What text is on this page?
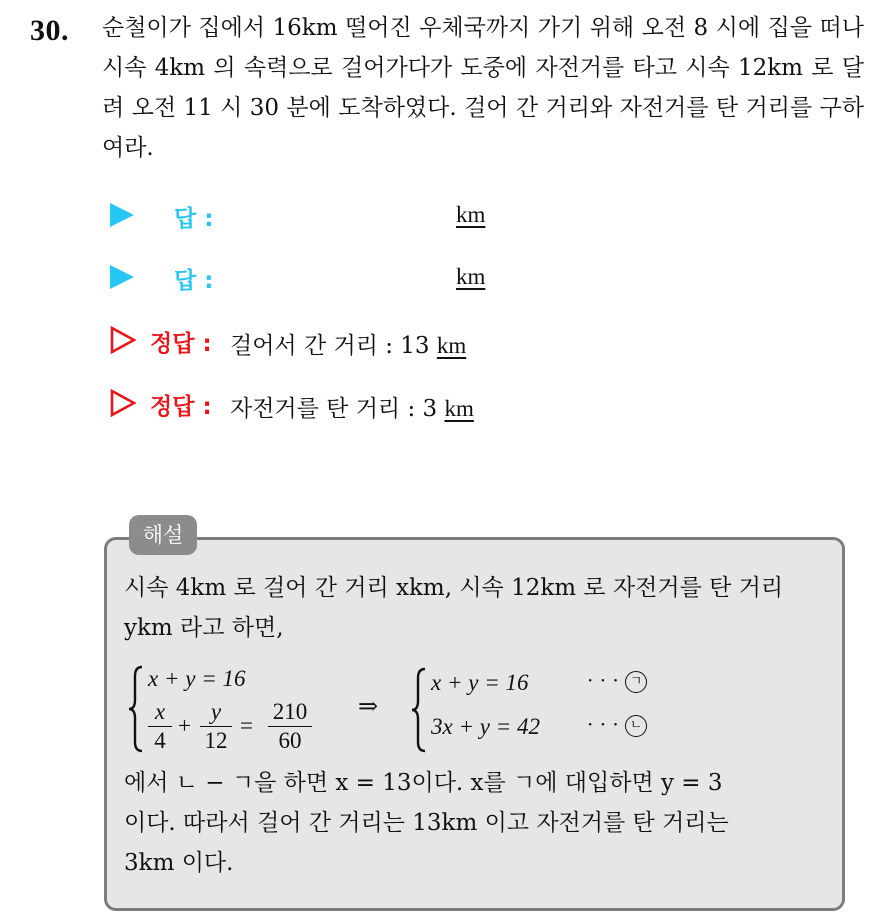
30. 순철이가 집에서 16km 떨어진 우체국까지 가기 위해 오전 8 시에 집을 떠나 시속 4km 의 속력으로 걸어가다가 도중에 자전거를 타고 시속 12km 로 달려 오전 11 시 30 분에 도착하였다. 걸어 간 거리와 자전거를 탄 거리를 구하여라.
답 :	km
답 :	km
정답 : 걸어서 간 거리 : 13 km
정답 : 자전거를 탄 거리 : 3 km
해설
시속 4km 로 걸어 간 거리 xkm, 시속 12km 로 자전거를 탄 거리
ykm 라고 하면,
x + y = 16
$\frac{x}{4} + \frac{y}{12} = \frac{210}{60}$ ⇒
x + y = 16
3x + y = 42
· · · ㄱ
· · · ㄴ
에서 ㄴ − ㄱ을 하면 x = 13이다. x를 ㄱ에 대입하면 y = 3
이다. 따라서 걸어 간 거리는 13km 이고 자전거를 탄 거리는
3km 이다.
